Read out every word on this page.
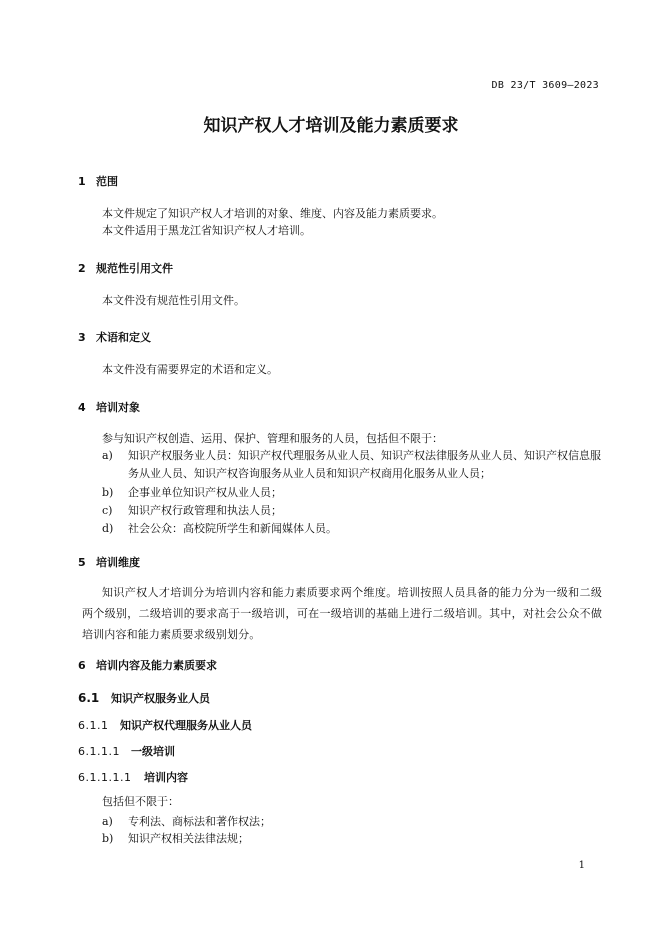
DB 23/T 3609—2023
知识产权人才培训及能力素质要求
1 范围
本文件规定了知识产权人才培训的对象、维度、内容及能力素质要求。
本文件适用于黑龙江省知识产权人才培训。
2 规范性引用文件
本文件没有规范性引用文件。
3 术语和定义
本文件没有需要界定的术语和定义。
4 培训对象
参与知识产权创造、运用、保护、管理和服务的人员，包括但不限于：
a) 知识产权服务业人员：知识产权代理服务从业人员、知识产权法律服务从业人员、知识产权信息服务从业人员、知识产权咨询服务从业人员和知识产权商用化服务从业人员；
b) 企事业单位知识产权从业人员；
c) 知识产权行政管理和执法人员；
d) 社会公众：高校院所学生和新闻媒体人员。
5 培训维度
知识产权人才培训分为培训内容和能力素质要求两个维度。培训按照人员具备的能力分为一级和二级两个级别，二级培训的要求高于一级培训，可在一级培训的基础上进行二级培训。其中，对社会公众不做培训内容和能力素质要求级别划分。
6 培训内容及能力素质要求
6.1 知识产权服务业人员
6.1.1 知识产权代理服务从业人员
6.1.1.1 一级培训
6.1.1.1.1 培训内容
包括但不限于：
a) 专利法、商标法和著作权法；
b) 知识产权相关法律法规；
1
